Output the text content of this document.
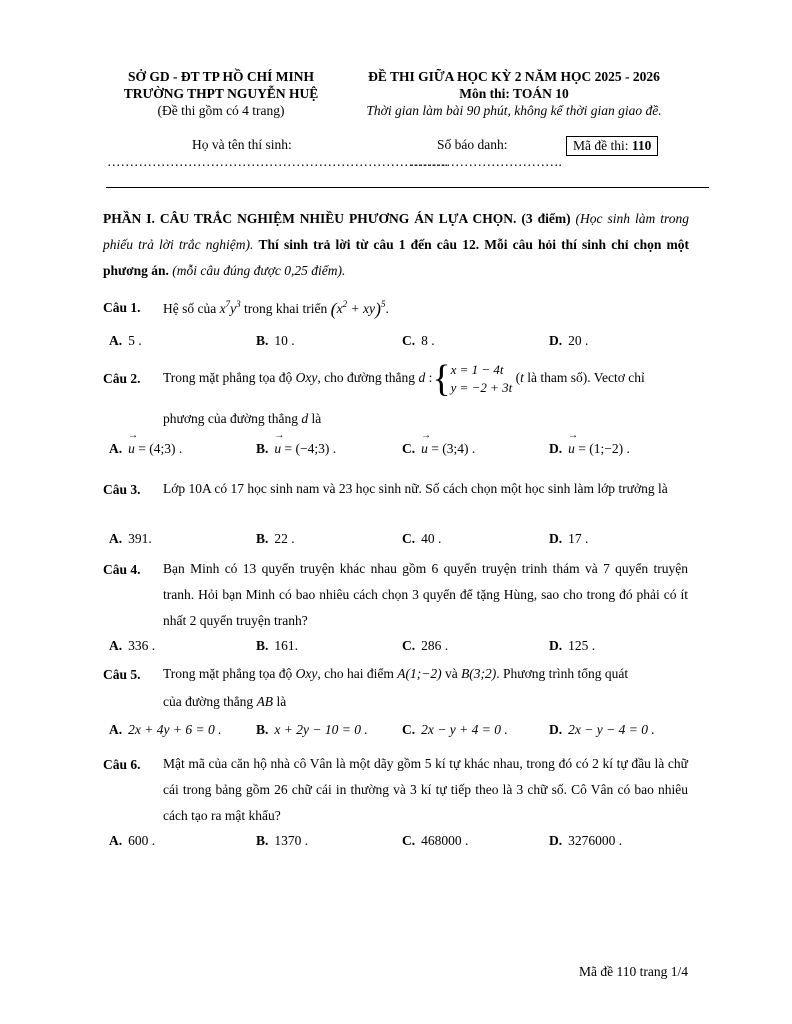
SỞ GD - ĐT TP HỒ CHÍ MINH
TRƯỜNG THPT NGUYỄN HUỆ
(Đề thi gồm có 4 trang)
ĐỀ THI GIỮA HỌC KỲ 2 NĂM HỌC 2025 - 2026
Môn thi: TOÁN 10
Thời gian làm bài 90 phút, không kể thời gian giao đề.
Họ và tên thí sinh:
………………………………………………………………….
Số báo danh:
…………………………….
Mã đề thi: 110
PHẦN I. CÂU TRẮC NGHIỆM NHIỀU PHƯƠNG ÁN LỰA CHỌN. (3 điểm) (Học sinh làm trong phiếu trả lời trắc nghiệm). Thí sinh trả lời từ câu 1 đến câu 12. Mỗi câu hỏi thí sinh chỉ chọn một phương án. (mỗi câu đúng được 0,25 điểm).
Câu 1. Hệ số của $x^7y^3$ trong khai triển $(x^2 + xy)^5$.
A. 5 .	B. 10 .	C. 8 .	D. 20 .
Câu 2. Trong mặt phẳng tọa độ Oxy, cho đường thẳng d :{x = 1 − 4t
y = −2 + 3t (t là tham số). Vectơ chỉ
phương của đường thẳng d là
A. → u = (4;3) .	B. → u = (−4;3) .	C. → u = (3;4) .	D. → u = (1;−2) .
Câu 3. Lớp 10A có 17 học sinh nam và 23 học sinh nữ. Số cách chọn một học sinh làm lớp trưởng là
A. 391.	B. 22 .	C. 40 .	D. 17 .
Câu 4. Bạn Minh có 13 quyển truyện khác nhau gồm 6 quyển truyện trinh thám và 7 quyển truyện tranh. Hỏi bạn Minh có bao nhiêu cách chọn 3 quyển để tặng Hùng, sao cho trong đó phải có ít nhất 2 quyển truyện tranh?
A. 336 .	B. 161.	C. 286 .	D. 125 .
Câu 5. Trong mặt phẳng tọa độ Oxy, cho hai điểm A(1;−2) và B(3;2). Phương trình tổng quát
của đường thẳng AB là
A. 2x + 4y + 6 = 0 .	B. x + 2y − 10 = 0 .	C. 2x − y + 4 = 0 .	D. 2x − y − 4 = 0 .
Câu 6. Mật mã của căn hộ nhà cô Vân là một dãy gồm 5 kí tự khác nhau, trong đó có 2 kí tự đầu là chữ cái trong bảng gồm 26 chữ cái in thường và 3 kí tự tiếp theo là 3 chữ số. Cô Vân có bao nhiêu cách tạo ra mật khẩu?
A. 600 .	B. 1370 .	C. 468000 .	D. 3276000 .
Mã đề 110 trang 1/4
